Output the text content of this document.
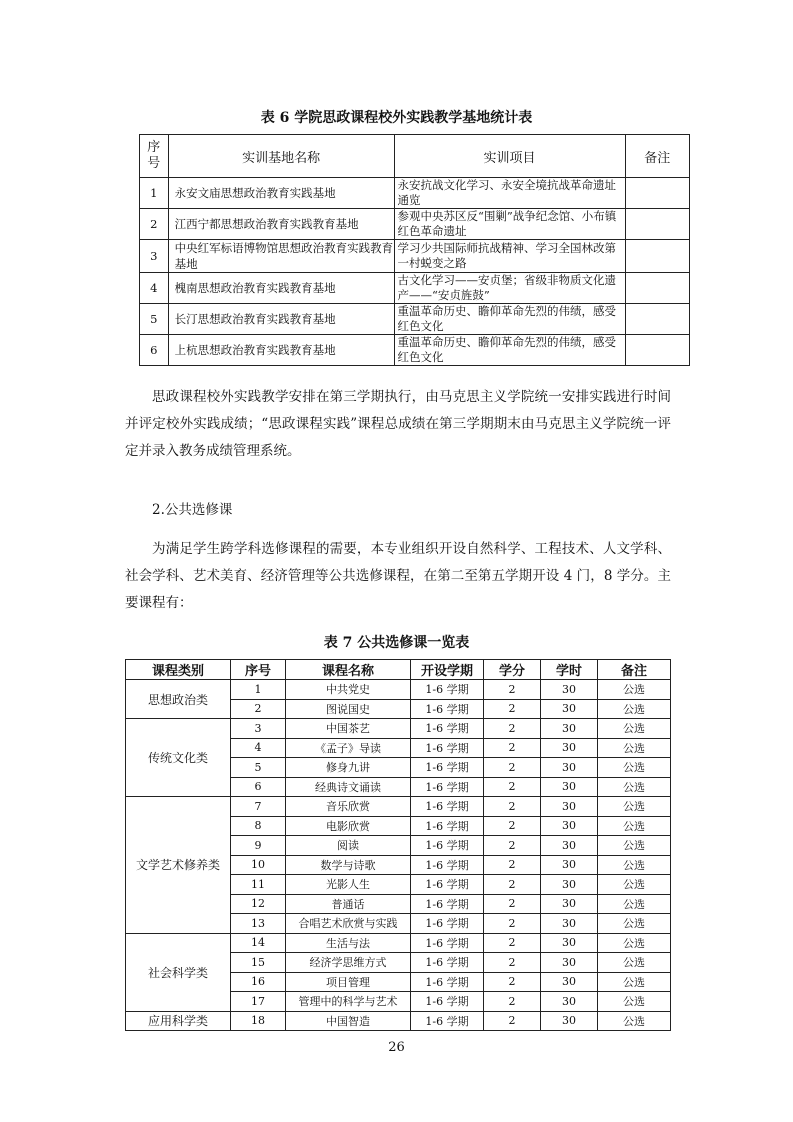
表 6 学院思政课程校外实践教学基地统计表
序号	实训基地名称	实训项目	备注
1	永安文庙思想政治教育实践基地	永安抗战文化学习、永安全境抗战革命遗址通览	
2	江西宁都思想政治教育实践教育基地	参观中央苏区反“围剿”战争纪念馆、小布镇红色革命遗址	
3	中央红军标语博物馆思想政治教育实践教育基地	学习少共国际师抗战精神、学习全国林改第一村蜕变之路	
4	槐南思想政治教育实践教育基地	古文化学习——安贞堡；省级非物质文化遗产——“安贞旌鼓”	
5	长汀思想政治教育实践教育基地	重温革命历史、瞻仰革命先烈的伟绩，感受红色文化	
6	上杭思想政治教育实践教育基地	重温革命历史、瞻仰革命先烈的伟绩，感受红色文化	
思政课程校外实践教学安排在第三学期执行，由马克思主义学院统一安排实践进行时间并评定校外实践成绩；“思政课程实践”课程总成绩在第三学期期末由马克思主义学院统一评定并录入教务成绩管理系统。
2.公共选修课
为满足学生跨学科选修课程的需要，本专业组织开设自然科学、工程技术、人文学科、社会学科、艺术美育、经济管理等公共选修课程，在第二至第五学期开设 4 门，8 学分。主要课程有：
表 7 公共选修课一览表
课程类别	序号	课程名称	开设学期	学分	学时	备注
思想政治类	1	中共党史	1-6 学期	2	30	公选
	2	图说国史	1-6 学期	2	30	公选
传统文化类	3	中国茶艺	1-6 学期	2	30	公选
	4	《孟子》导读	1-6 学期	2	30	公选
	5	修身九讲	1-6 学期	2	30	公选
	6	经典诗文诵读	1-6 学期	2	30	公选
文学艺术修养类	7	音乐欣赏	1-6 学期	2	30	公选
	8	电影欣赏	1-6 学期	2	30	公选
	9	阅读	1-6 学期	2	30	公选
	10	数学与诗歌	1-6 学期	2	30	公选
	11	光影人生	1-6 学期	2	30	公选
	12	普通话	1-6 学期	2	30	公选
	13	合唱艺术欣赏与实践	1-6 学期	2	30	公选
社会科学类	14	生活与法	1-6 学期	2	30	公选
	15	经济学思维方式	1-6 学期	2	30	公选
	16	项目管理	1-6 学期	2	30	公选
	17	管理中的科学与艺术	1-6 学期	2	30	公选
应用科学类	18	中国智造	1-6 学期	2	30	公选
26
